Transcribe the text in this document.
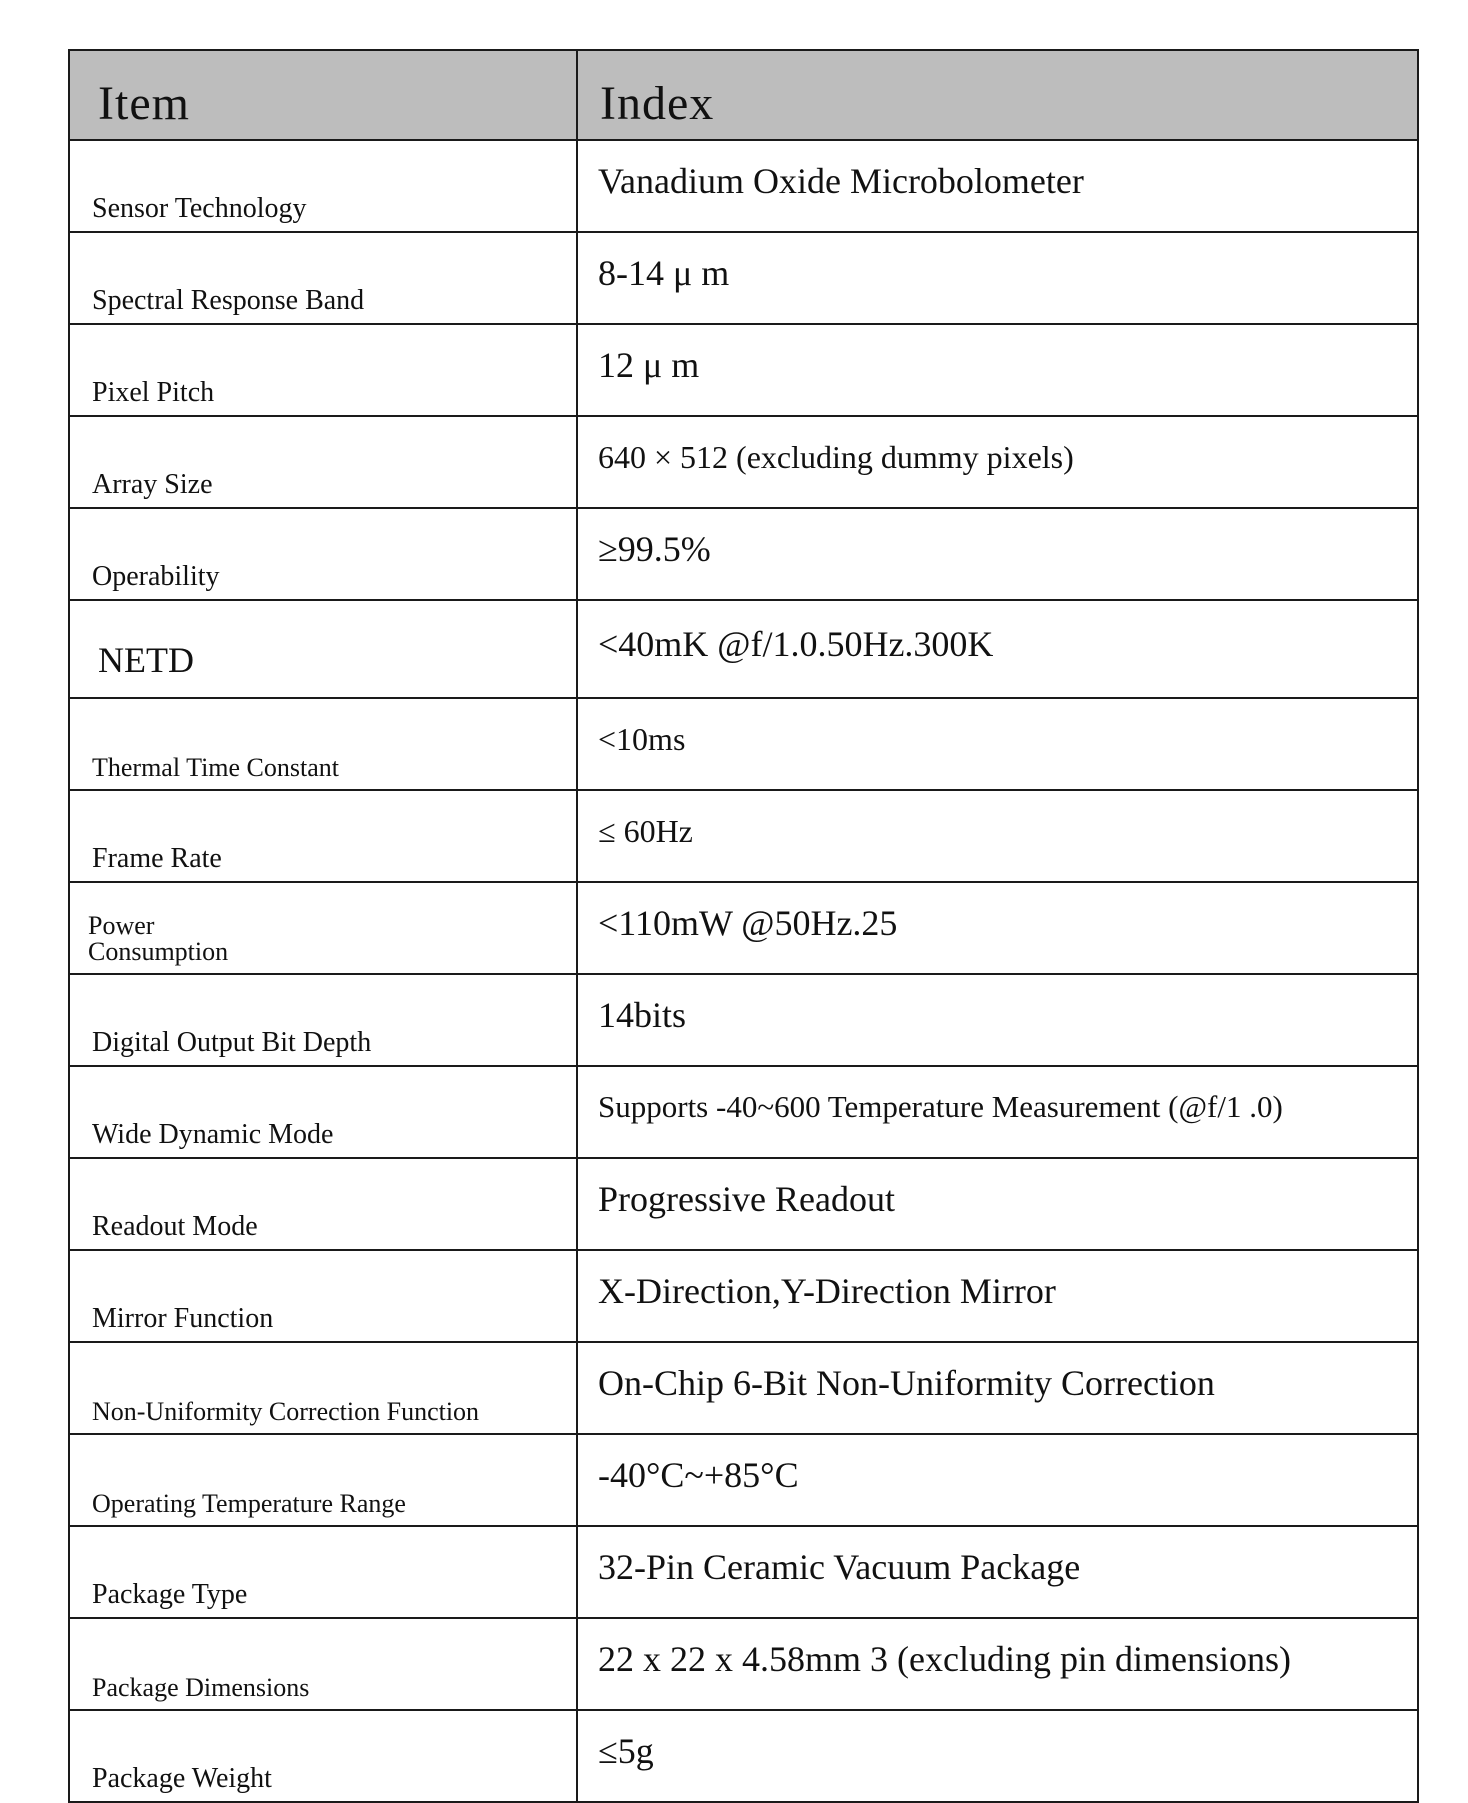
Item	Index
Sensor Technology	Vanadium Oxide Microbolometer
Spectral Response Band	8-14 μ m
Pixel Pitch	12 μ m
Array Size	640 × 512 (excluding dummy pixels)
Operability	≥99.5%
NETD	<40mK @f/1.0.50Hz.300K
Thermal Time Constant	<10ms
Frame Rate	≤ 60Hz
Power
Consumption	<110mW @50Hz.25
Digital Output Bit Depth	14bits
Wide Dynamic Mode	Supports -40~600 Temperature Measurement (@f/1 .0)
Readout Mode	Progressive Readout
Mirror Function	X-Direction,Y-Direction Mirror
Non-Uniformity Correction Function	On-Chip 6-Bit Non-Uniformity Correction
Operating Temperature Range	-40°C~+85°C
Package Type	32-Pin Ceramic Vacuum Package
Package Dimensions	22 x 22 x 4.58mm 3 (excluding pin dimensions)
Package Weight	≤5g
